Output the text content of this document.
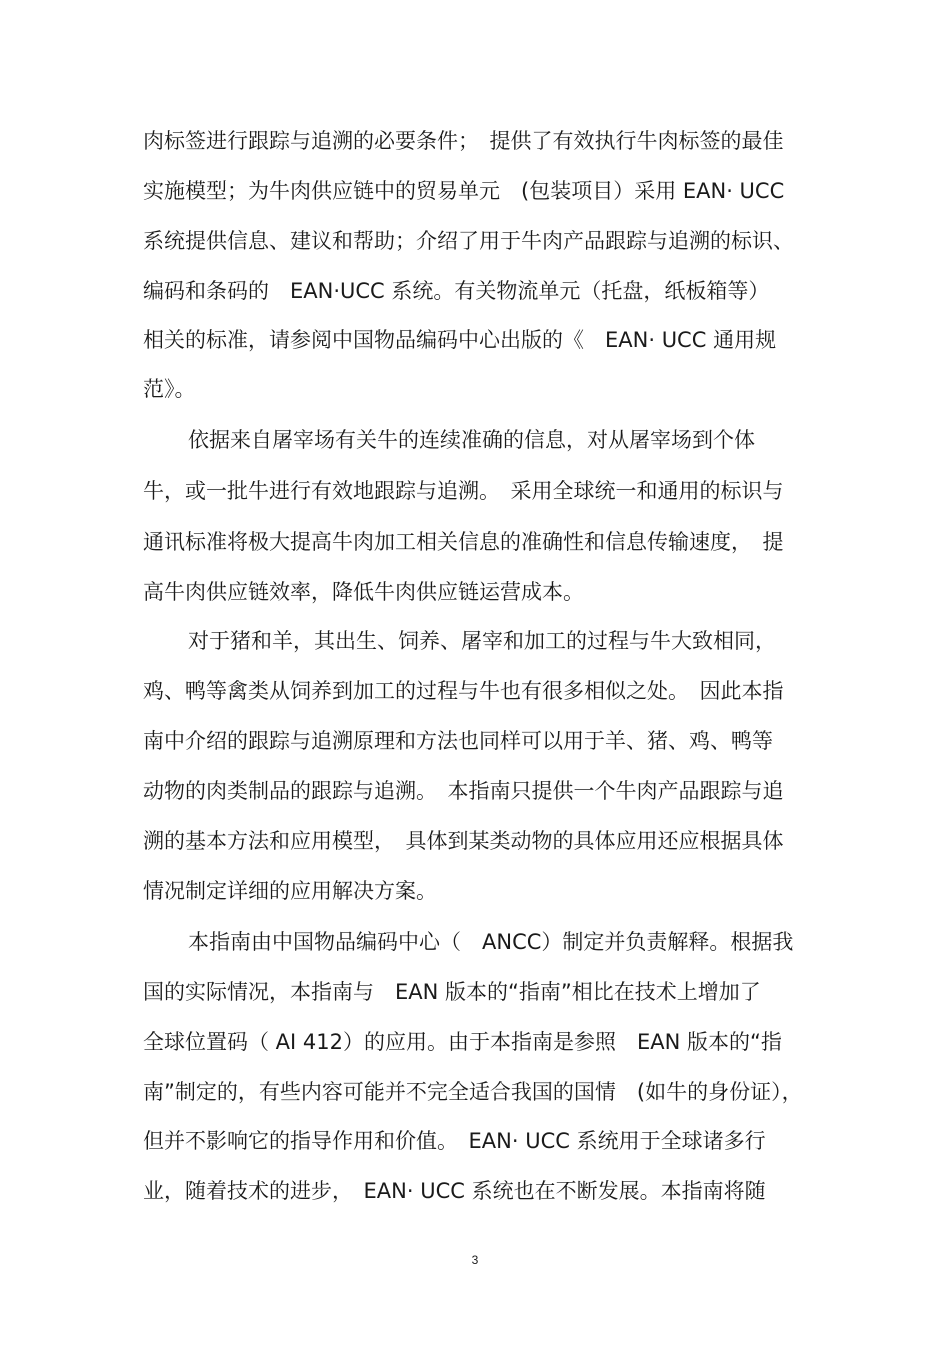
肉标签进行跟踪与追溯的必要条件；　提供了有效执行牛肉标签的最佳
实施模型；为牛肉供应链中的贸易单元　(包装项目）采用 EAN· UCC
系统提供信息、建议和帮助；介绍了用于牛肉产品跟踪与追溯的标识、
编码和条码的　EAN·UCC 系统。有关物流单元（托盘，纸板箱等）
相关的标准，请参阅中国物品编码中心出版的《　EAN· UCC 通用规
范》。
依据来自屠宰场有关牛的连续准确的信息，对从屠宰场到个体
牛，或一批牛进行有效地跟踪与追溯。　采用全球统一和通用的标识与
通讯标准将极大提高牛肉加工相关信息的准确性和信息传输速度，　提
高牛肉供应链效率，降低牛肉供应链运营成本。
对于猪和羊，其出生、饲养、屠宰和加工的过程与牛大致相同，
鸡、鸭等禽类从饲养到加工的过程与牛也有很多相似之处。　因此本指
南中介绍的跟踪与追溯原理和方法也同样可以用于羊、猪、鸡、鸭等
动物的肉类制品的跟踪与追溯。　本指南只提供一个牛肉产品跟踪与追
溯的基本方法和应用模型，　具体到某类动物的具体应用还应根据具体
情况制定详细的应用解决方案。
本指南由中国物品编码中心（　ANCC）制定并负责解释。根据我
国的实际情况，本指南与　EAN 版本的“指南”相比在技术上增加了
全球位置码（ AI 412）的应用。由于本指南是参照　EAN 版本的“指
南”制定的，有些内容可能并不完全适合我国的国情　(如牛的身份证），
但并不影响它的指导作用和价值。　EAN· UCC 系统用于全球诸多行
业，随着技术的进步，　EAN· UCC 系统也在不断发展。本指南将随
3
